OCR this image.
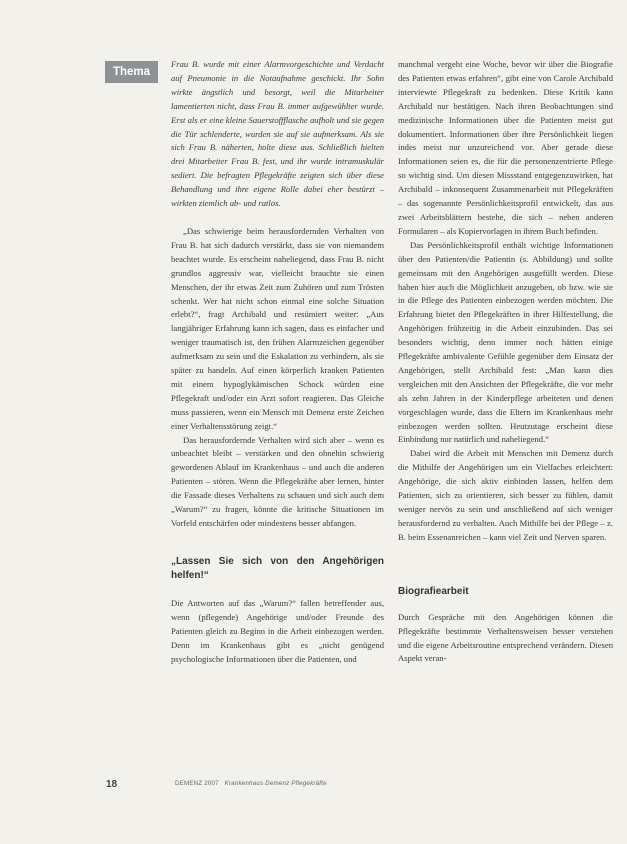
Thema

Frau B. wurde mit einer Alarmvorgeschichte und Verdacht auf Pneumonie in die Notaufnahme geschickt. Ihr Sohn wirkte ängstlich und besorgt, weil die Mitarbeiter lamentierten nicht, dass Frau B. immer aufgewühlter wurde. Erst als er eine kleine Sauerstoffflasche aufholt und sie gegen die Tür schlenderte, wurden sie auf sie aufmerksam. Als sie sich Frau B. näherten, holte diese aus. Schließlich hielten drei Mitarbeiter Frau B. fest, und ihr wurde intramuskulär sediert. Die befragten Pflegekräfte zeigten sich über diese Behandlung und ihre eigene Rolle dabei eher bestürzt – wirkten ziemlich ab- und ratlos.

„Das schwierige beim herausfordernden Verhalten von Frau B. hat sich dadurch verstärkt, dass sie von niemandem beachtet wurde. Es erscheint naheliegend, dass Frau B. nicht grundlos aggressiv war, vielleicht brauchte sie einen Menschen, der ihr etwas Zeit zum Zuhören und zum Trösten schenkt. Wer hat nicht schon einmal eine solche Situation erlebt?“, fragt Archibald und resümiert weiter: „Aus langjähriger Erfahrung kann ich sagen, dass es einfacher und weniger traumatisch ist, den frühen Alarmzeichen gegenüber aufmerksam zu sein und die Eskalation zu verhindern, als sie später zu handeln. Auf einen körperlich kranken Patienten mit einem hypoglykämischen Schock würden eine Pflegekraft und/oder ein Arzt sofort reagieren. Das Gleiche muss passieren, wenn ein Mensch mit Demenz erste Zeichen einer Verhaltensstörung zeigt.“

Das herausfordernde Verhalten wird sich aber – wenn es unbeachtet bleibt – verstärken und den ohnehin schwierig gewordenen Ablauf im Krankenhaus – und auch die anderen Patienten – stören. Wenn die Pflegekräfte aber lernen, hinter die Fassade dieses Verhaltens zu schauen und sich auch dem „Warum?“ zu fragen, könnte die kritische Situationen im Vorfeld entschärfen oder mindestens besser abfangen.

„Lassen Sie sich von den Angehörigen helfen!“

Die Antworten auf das „Warum?“ fallen betreffender aus, wenn (pflegende) Angehörige und/oder Freunde des Patienten gleich zu Beginn in die Arbeit einbezogen werden. Denn im Krankenhaus gibt es „nicht genügend psychologische Informationen über die Patienten, und

manchmal vergeht eine Woche, bevor wir über die Biografie des Patienten etwas erfahren“, gibt eine von Carole Archibald interviewte Pflegekraft zu bedenken. Diese Kritik kann Archibald nur bestätigen. Nach ihren Beobachtungen sind medizinische Informationen über die Patienten meist gut dokumentiert. Informationen über ihre Persönlichkeit liegen indes meist nur unzureichend vor. Aber gerade diese Informationen seien es, die für die personenzentrierte Pflege so wichtig sind. Um diesen Missstand entgegenzuwirken, hat Archibald – inkonsequent Zusammenarbeit mit Pflegekräften – das sogenannte Persönlichkeitsprofil entwickelt, das aus zwei Arbeitsblättern bestehe, die sich – neben anderen Formularen – als Kopiervorlagen in ihrem Buch befinden.

Das Persönlichkeitsprofil enthält wichtige Informationen über den Patienten/die Patientin (s. Abbildung) und sollte gemeinsam mit den Angehörigen ausgefüllt werden. Diese haben hier auch die Möglichkeit anzugeben, ob bzw. wie sie in die Pflege des Patienten einbezogen werden möchten. Die Erfahrung bietet den Pflegekräften in ihrer Hilfestellung, die Angehörigen frühzeitig in die Arbeit einzubinden. Das sei besonders wichtig, denn immer noch hätten einige Pflegekräfte ambivalente Gefühle gegenüber dem Einsatz der Angehörigen, stellt Archibald fest: „Man kann dies vergleichen mit den Ansichten der Pflegekräfte, die vor mehr als zehn Jahren in der Kinderpflege arbeiteten und denen vorgeschlagen wurde, dass die Eltern im Krankenhaus mehr einbezogen werden sollten. Heutzutage erscheint diese Einbindung nur natürlich und naheliegend.“

Dabei wird die Arbeit mit Menschen mit Demenz durch die Mithilfe der Angehörigen um ein Vielfaches erleichtert: Angehörige, die sich aktiv einbinden lassen, helfen dem Patienten, sich zu orientieren, sich besser zu fühlen, damit weniger nervös zu sein und anschließend auf sich weniger herausfordernd zu verhalten. Auch Mithilfe bei der Pflege – z. B. beim Essenanreichen – kann viel Zeit und Nerven sparen.

Biografiearbeit

Durch Gespräche mit den Angehörigen können die Pflegekräfte bestimmte Verhaltensweisen besser verstehen und die eigene Arbeitsroutine entsprechend verändern. Diesen Aspekt veran-

18	DEMENZ 2007 Krankenhaus Demenz Pflegekräfte
